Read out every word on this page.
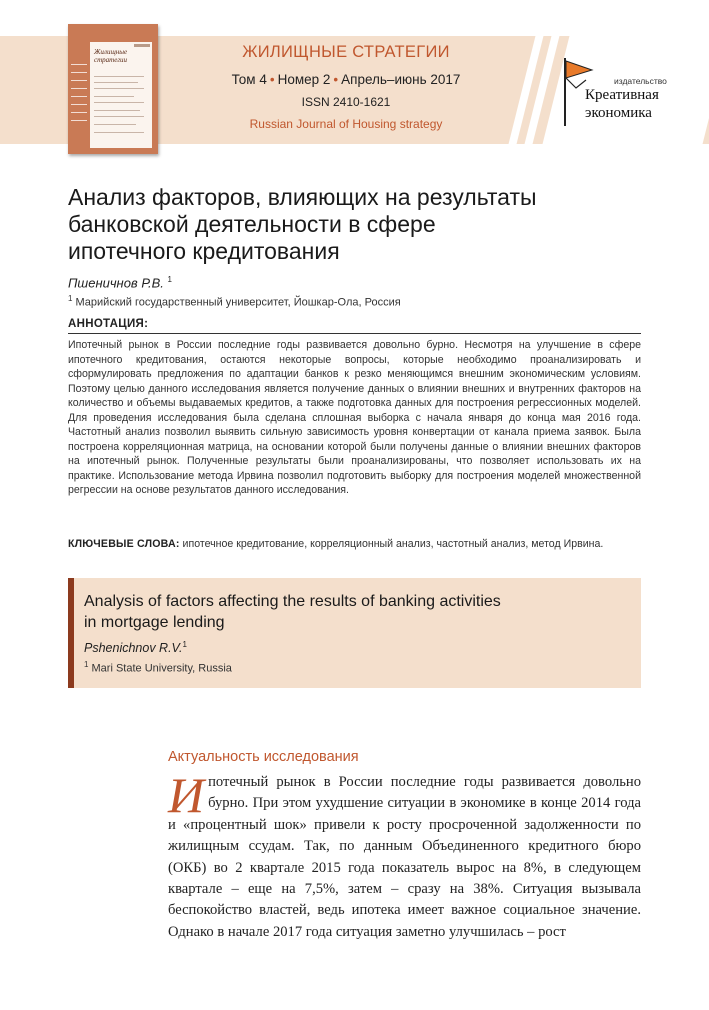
Жилищные стратегии	ЖИЛИЩНЫЕ СТРАТЕГИИ
Том 4 • Номер 2 • Апрель–июнь 2017
ISSN 2410-1621
Russian Journal of Housing strategy
издательство
Креативная
экономика
Анализ факторов, влияющих на результаты
банковской деятельности в сфере
ипотечного кредитования
Пшеничнов Р.В. $^1$
$^1$ Марийский государственный университет, Йошкар-Ола, Россия
АННОТАЦИЯ:
Ипотечный рынок в России последние годы развивается довольно бурно. Несмотря на улучшение в сфере ипотечного кредитования, остаются некоторые вопросы, которые необходимо проанализировать и сформулировать предложения по адаптации банков к резко меняющимся внешним экономическим условиям. Поэтому целью данного исследования является получение данных о влиянии внешних и внутренних факторов на количество и объемы выдаваемых кредитов, а также подготовка данных для построения регрессионных моделей. Для проведения исследования была сделана сплошная выборка с начала января до конца мая 2016 года. Частотный анализ позволил выявить сильную зависимость уровня конвертации от канала приема заявок. Была построена корреляционная матрица, на основании которой были получены данные о влиянии внешних факторов на ипотечный рынок. Полученные результаты были проанализированы, что позволяет использовать их на практике. Использование метода Ирвина позволил подготовить выборку для построения моделей множественной регрессии на основе результатов данного исследования.
КЛЮЧЕВЫЕ СЛОВА: ипотечное кредитование, корреляционный анализ, частотный анализ, метод Ирвина.
Analysis of factors affecting the results of banking activities
in mortgage lending
Pshenichnov R.V.$^1$
$^1$ Mari State University, Russia
Актуальность исследования
Ипотечный рынок в России последние годы развивается довольно бурно. При этом ухудшение ситуации в экономике в конце 2014 года и «процентный шок» привели к росту просроченной задолженности по жилищным ссудам. Так, по данным Объединенного кредитного бюро (ОКБ) во 2 квартале 2015 года показатель вырос на 8%, в следующем квартале – еще на 7,5%, затем – сразу на 38%. Ситуация вызывала беспокойство властей, ведь ипотека имеет важное социальное значение. Однако в начале 2017 года ситуация заметно улучшилась – рост
